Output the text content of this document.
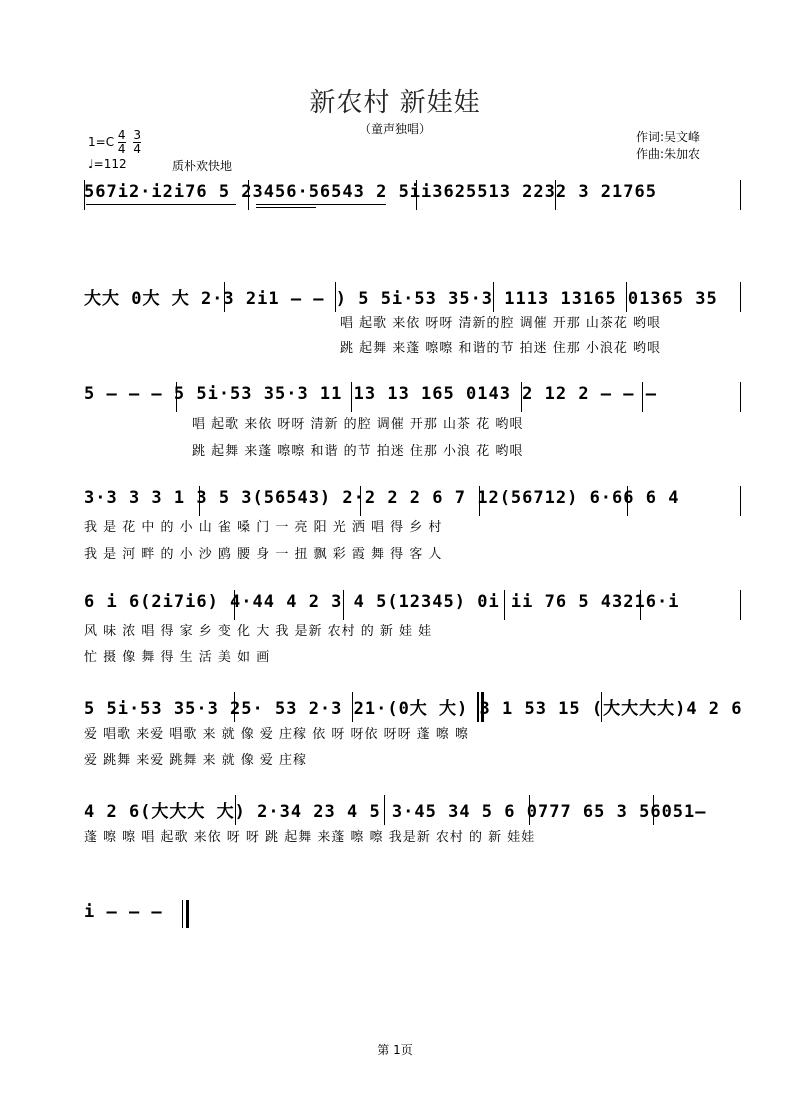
新农村 新娃娃
（童声独唱）
$1=C \frac{4}{4}$
$\frac{3}{4}$
♩=112	质朴欢快地
作词:吴文峰
作曲:朱加农
567i2·i2i76 5 23456·56543 2 5ii3625513 2232 3 21765
大大 0大 大 2·3 2i1 – – ) 5 5i·53 35·3 1113 13165 01365 35
唱 起歌 来依 呀呀 清新的腔 调催 开那 山茶花 哟哏
跳 起舞 来蓬 嚓嚓 和谐的节 拍迷 住那 小浪花 哟哏
5 – – – 5 5i·53 35·3 11 13 13 165 0143 2 12 2 – – –
唱 起歌 来依 呀呀 清新 的腔 调催 开那 山茶 花 哟哏
跳 起舞 来蓬 嚓嚓 和谐 的节 拍迷 住那 小浪 花 哟哏
3·3 3 3 1 3 5 3(56543) 2·2 2 2 6 7 12(56712) 6·66 6 4
我 是 花 中 的 小 山 雀 嗓 门 一 亮 阳 光 洒 唱 得 乡 村
我 是 河 畔 的 小 沙 鸥 腰 身 一 扭 飘 彩 霞 舞 得 客 人
6 i 6(2i7i6) 4·44 4 2 3 4 5(12345) 0i ii 76 5 43216·i
风 味 浓 唱 得 家 乡 变 化 大 我 是新 农村 的 新 娃 娃
忙 摄 像 舞 得 生 活 美 如 画
5 5i·53 35·3 25· 53 2·3 21·(0大 大) 3 1 53 15 (大大大大)4 2 6
爱 唱歌 来爱 唱歌 来 就 像 爱 庄稼 依 呀 呀依 呀呀 蓬 嚓 嚓
爱 跳舞 来爱 跳舞 来 就 像 爱 庄稼
4 2 6(大大大 大) 2·34 23 4 5 3·45 34 5 6 0777 65 3 56051–
蓬 嚓 嚓 唱 起歌 来依 呀 呀 跳 起舞 来蓬 嚓 嚓 我是新 农村 的 新 娃娃
i – – –
第 1页
